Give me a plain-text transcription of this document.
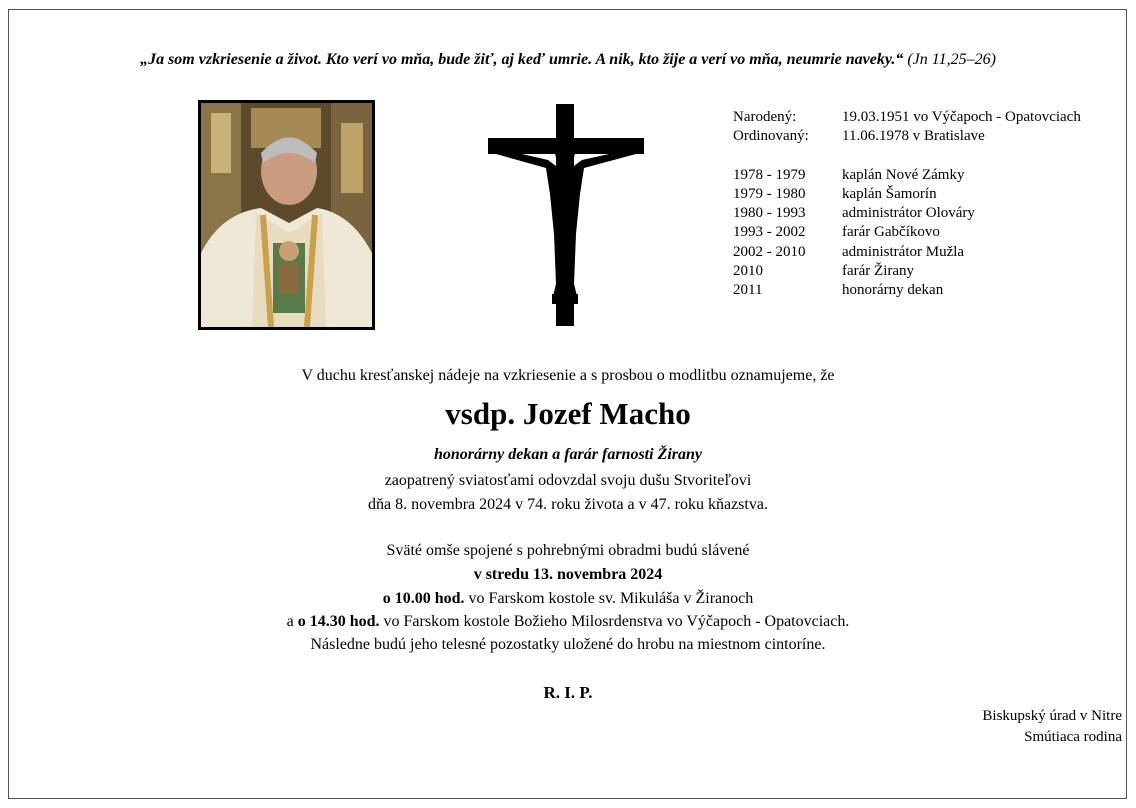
„Ja som vzkriesenie a život. Kto verí vo mňa, bude žiť, aj keď umrie. A nik, kto žije a verí vo mňa, neumrie naveky.“ (Jn 11,25–26)
Narodený:	19.03.1951 vo Výčapoch - Opatovciach
Ordinovaný:	11.06.1978 v Bratislave
1978 - 1979	kaplán Nové Zámky
1979 - 1980	kaplán Šamorín
1980 - 1993	administrátor Olováry
1993 - 2002	farár Gabčíkovo
2002 - 2010	administrátor Mužla
2010	farár Žirany
2011	honorárny dekan
V duchu kresťanskej nádeje na vzkriesenie a s prosbou o modlitbu oznamujeme, že
vsdp. Jozef Macho
honorárny dekan a farár farnosti Žirany
zaopatrený sviatosťami odovzdal svoju dušu Stvoriteľovi
dňa 8. novembra 2024 v 74. roku života a v 47. roku kňazstva.
Sväté omše spojené s pohrebnými obradmi budú slávené
v stredu 13. novembra 2024
o 10.00 hod. vo Farskom kostole sv. Mikuláša v Žiranoch
a o 14.30 hod. vo Farskom kostole Božieho Milosrdenstva vo Výčapoch - Opatovciach.
Následne budú jeho telesné pozostatky uložené do hrobu na miestnom cintoríne.
R. I. P.
Biskupský úrad v Nitre
Smútiaca rodina
